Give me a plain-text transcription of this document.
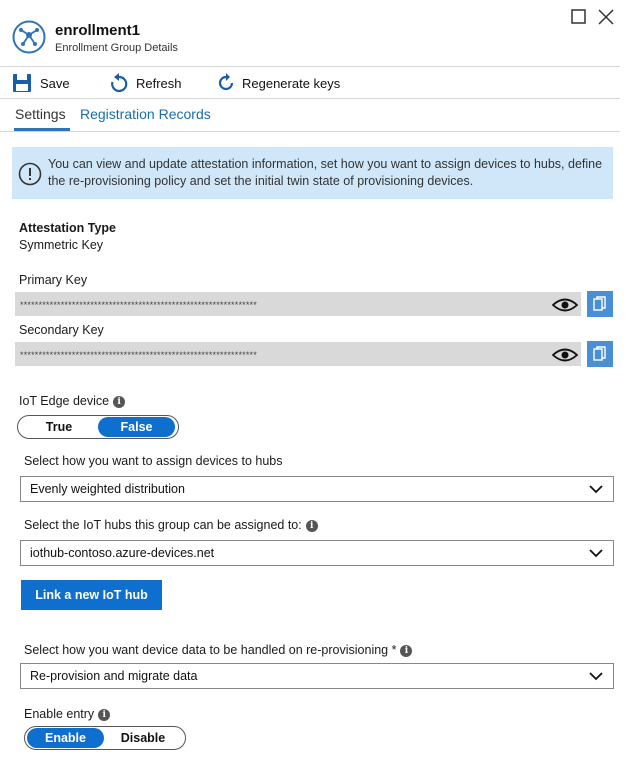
enrollment1
Enrollment Group Details
Save	Refresh	Regenerate keys
Settings Registration Records
You can view and update attestation information, set how you want to assign devices to hubs, define the re-provisioning policy and set the initial twin state of provisioning devices.
Attestation Type
Symmetric Key
Primary Key
****************************************************************
Secondary Key
****************************************************************
IoT Edge device i
True	False
Select how you want to assign devices to hubs
Evenly weighted distribution
Select the IoT hubs this group can be assigned to: i
iothub-contoso.azure-devices.net
Link a new IoT hub
Select how you want device data to be handled on re-provisioning * i
Re-provision and migrate data
Enable entry i
Enable	Disable
